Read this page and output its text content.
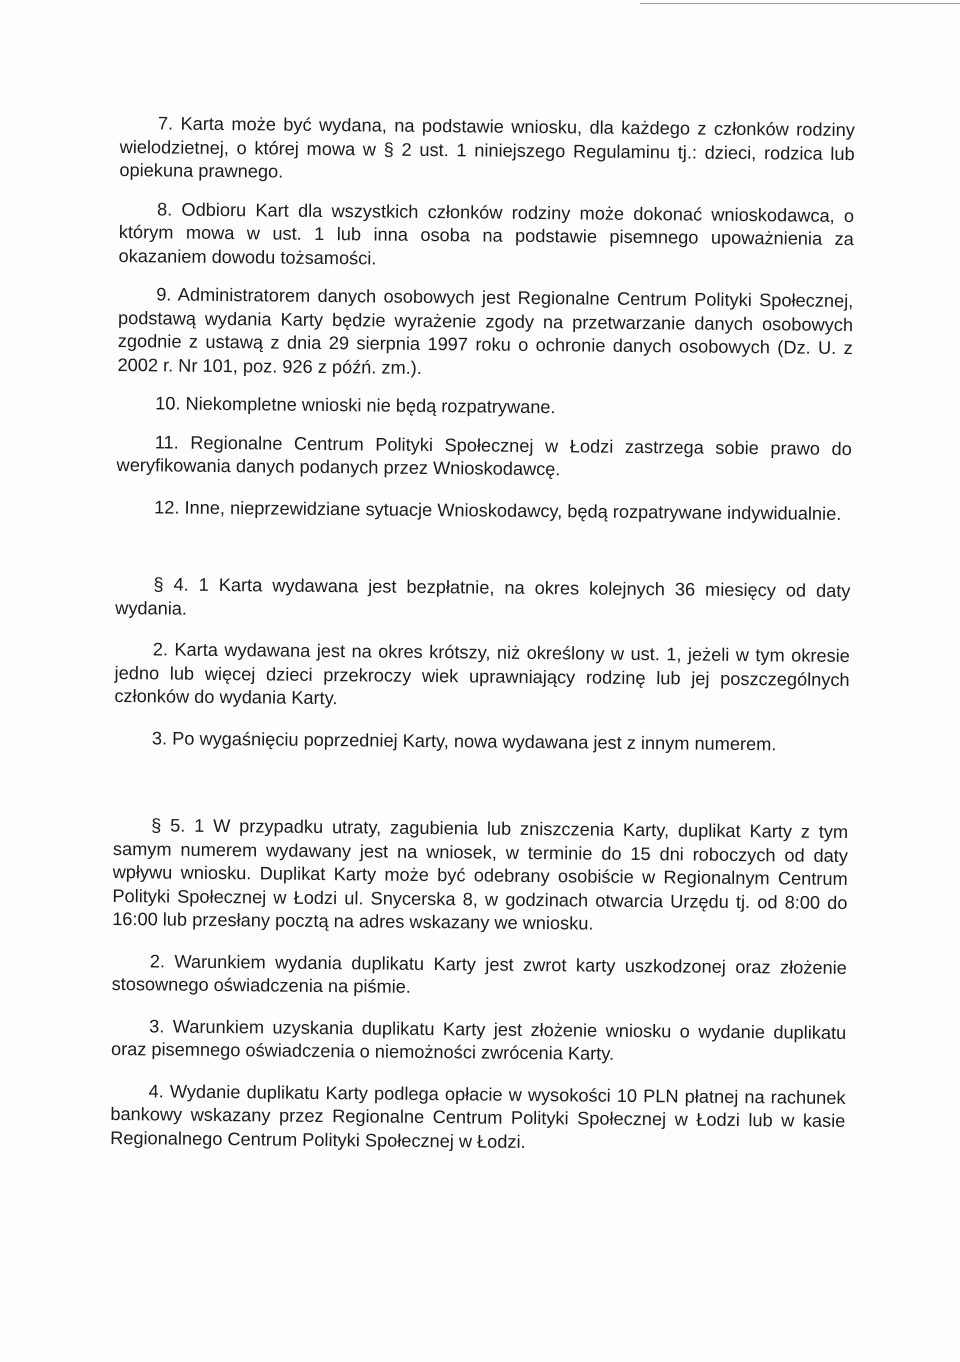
7. Karta może być wydana, na podstawie wniosku, dla każdego z członków rodziny wielodzietnej, o której mowa w § 2 ust. 1 niniejszego Regulaminu tj.: dzieci, rodzica lub opiekuna prawnego.

8. Odbioru Kart dla wszystkich członków rodziny może dokonać wnioskodawca, o którym mowa w ust. 1 lub inna osoba na podstawie pisemnego upoważnienia za okazaniem dowodu tożsamości.

9. Administratorem danych osobowych jest Regionalne Centrum Polityki Społecznej, podstawą wydania Karty będzie wyrażenie zgody na przetwarzanie danych osobowych zgodnie z ustawą z dnia 29 sierpnia 1997 roku o ochronie danych osobowych (Dz. U. z 2002 r. Nr 101, poz. 926 z późń. zm.).

10. Niekompletne wnioski nie będą rozpatrywane.

11. Regionalne Centrum Polityki Społecznej w Łodzi zastrzega sobie prawo do weryfikowania danych podanych przez Wnioskodawcę.

12. Inne, nieprzewidziane sytuacje Wnioskodawcy, będą rozpatrywane indywidualnie.

§ 4. 1 Karta wydawana jest bezpłatnie, na okres kolejnych 36 miesięcy od daty wydania.

2. Karta wydawana jest na okres krótszy, niż określony w ust. 1, jeżeli w tym okresie jedno lub więcej dzieci przekroczy wiek uprawniający rodzinę lub jej poszczególnych członków do wydania Karty.

3. Po wygaśnięciu poprzedniej Karty, nowa wydawana jest z innym numerem.

§ 5. 1 W przypadku utraty, zagubienia lub zniszczenia Karty, duplikat Karty z tym samym numerem wydawany jest na wniosek, w terminie do 15 dni roboczych od daty wpływu wniosku. Duplikat Karty może być odebrany osobiście w Regionalnym Centrum Polityki Społecznej w Łodzi ul. Snycerska 8, w godzinach otwarcia Urzędu tj. od 8:00 do 16:00 lub przesłany pocztą na adres wskazany we wniosku.

2. Warunkiem wydania duplikatu Karty jest zwrot karty uszkodzonej oraz złożenie stosownego oświadczenia na piśmie.

3. Warunkiem uzyskania duplikatu Karty jest złożenie wniosku o wydanie duplikatu oraz pisemnego oświadczenia o niemożności zwrócenia Karty.

4. Wydanie duplikatu Karty podlega opłacie w wysokości 10 PLN płatnej na rachunek bankowy wskazany przez Regionalne Centrum Polityki Społecznej w Łodzi lub w kasie Regionalnego Centrum Polityki Społecznej w Łodzi.
